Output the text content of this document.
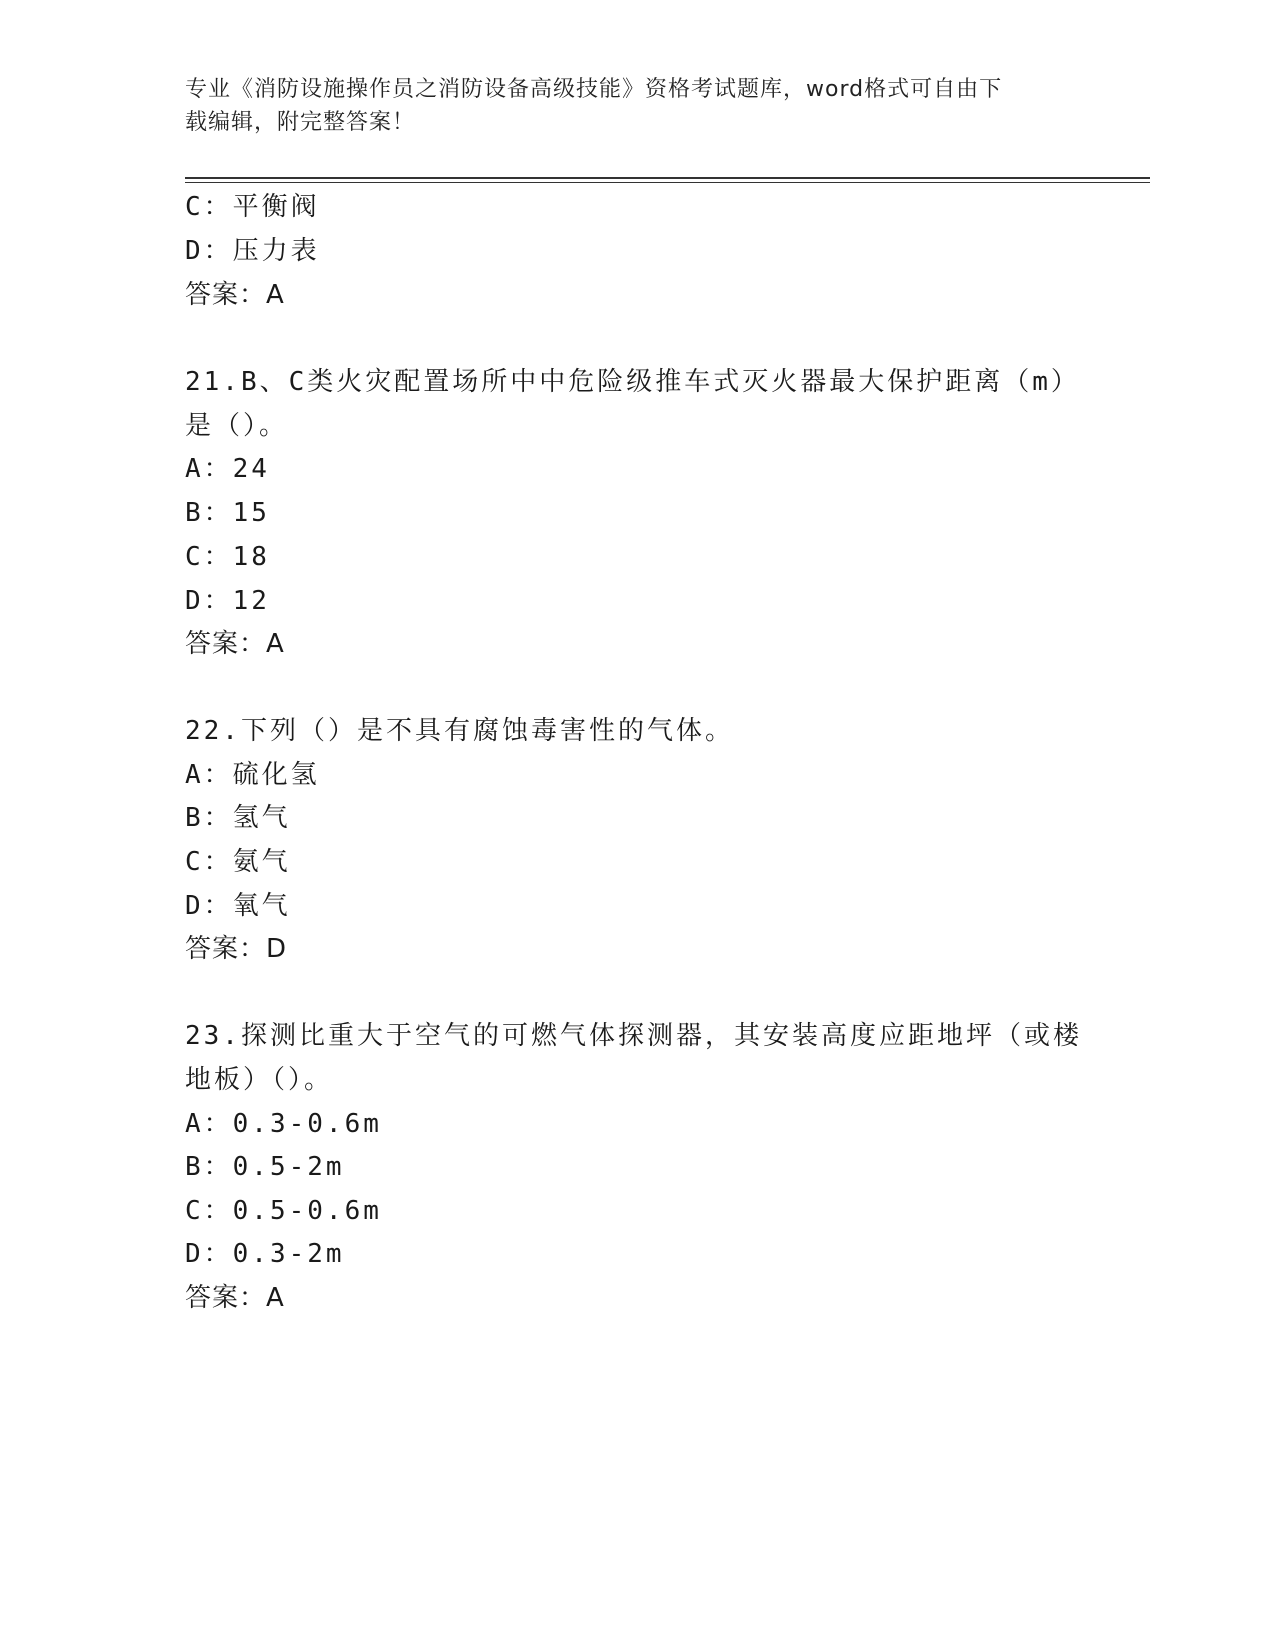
专业《消防设施操作员之消防设备高级技能》资格考试题库，word格式可自由下
载编辑，附完整答案！
C：平衡阀
D：压力表
答案：A
21.B、C类火灾配置场所中中危险级推车式灭火器最大保护距离（m）
是（）。
A：24
B：15
C：18
D：12
答案：A
22.下列（）是不具有腐蚀毒害性的气体。
A：硫化氢
B：氢气
C：氨气
D：氧气
答案：D
23.探测比重大于空气的可燃气体探测器，其安装高度应距地坪（或楼
地板）（）。
A：0.3-0.6m
B：0.5-2m
C：0.5-0.6m
D：0.3-2m
答案：A
